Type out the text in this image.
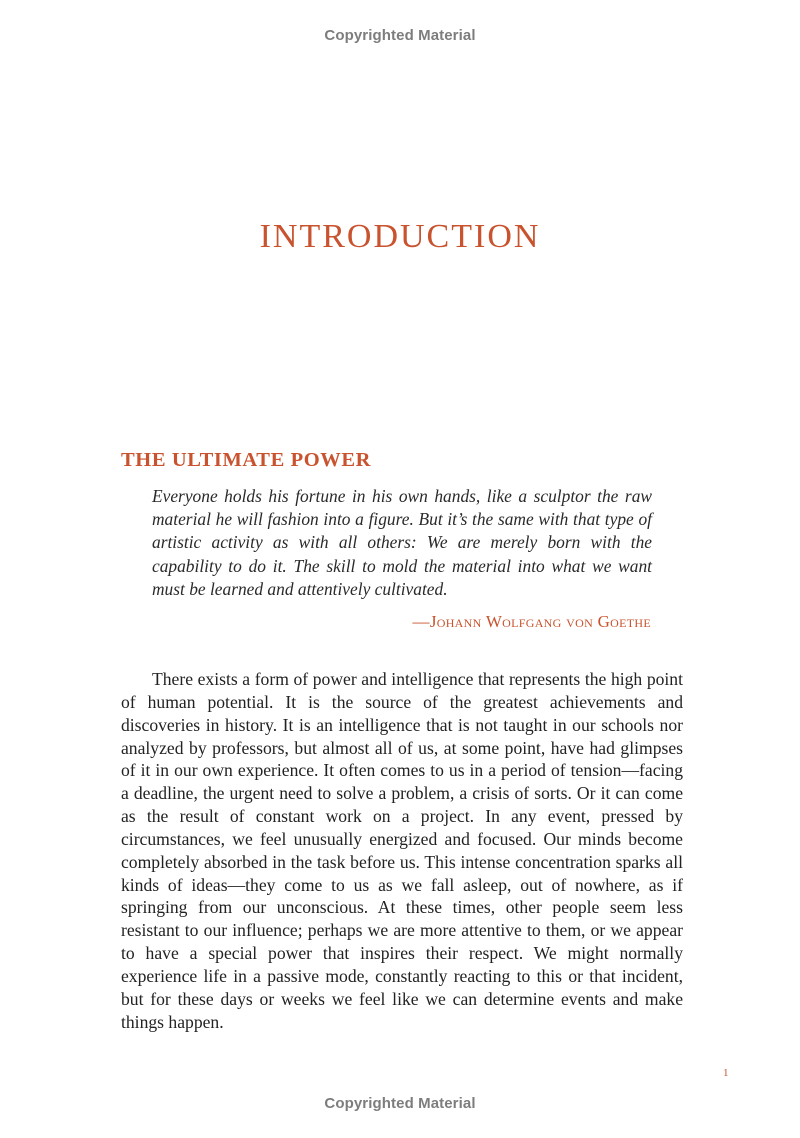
Copyrighted Material
INTRODUCTION
THE ULTIMATE POWER
Everyone holds his fortune in his own hands, like a sculptor the raw material he will fashion into a figure. But it’s the same with that type of artistic activity as with all others: We are merely born with the capability to do it. The skill to mold the material into what we want must be learned and attentively cultivated.
—Johann Wolfgang von Goethe

There exists a form of power and intelligence that represents the high point of human potential. It is the source of the greatest achievements and discoveries in history. It is an intelligence that is not taught in our schools nor analyzed by professors, but almost all of us, at some point, have had glimpses of it in our own experience. It often comes to us in a period of tension—facing a deadline, the urgent need to solve a problem, a crisis of sorts. Or it can come as the result of constant work on a project. In any event, pressed by circumstances, we feel unusually energized and focused. Our minds become completely absorbed in the task before us. This intense concentration sparks all kinds of ideas—they come to us as we fall asleep, out of nowhere, as if springing from our unconscious. At these times, other people seem less resistant to our influence; perhaps we are more attentive to them, or we appear to have a special power that inspires their respect. We might normally experience life in a passive mode, constantly reacting to this or that incident, but for these days or weeks we feel like we can determine events and make things happen.

1
Copyrighted Material
